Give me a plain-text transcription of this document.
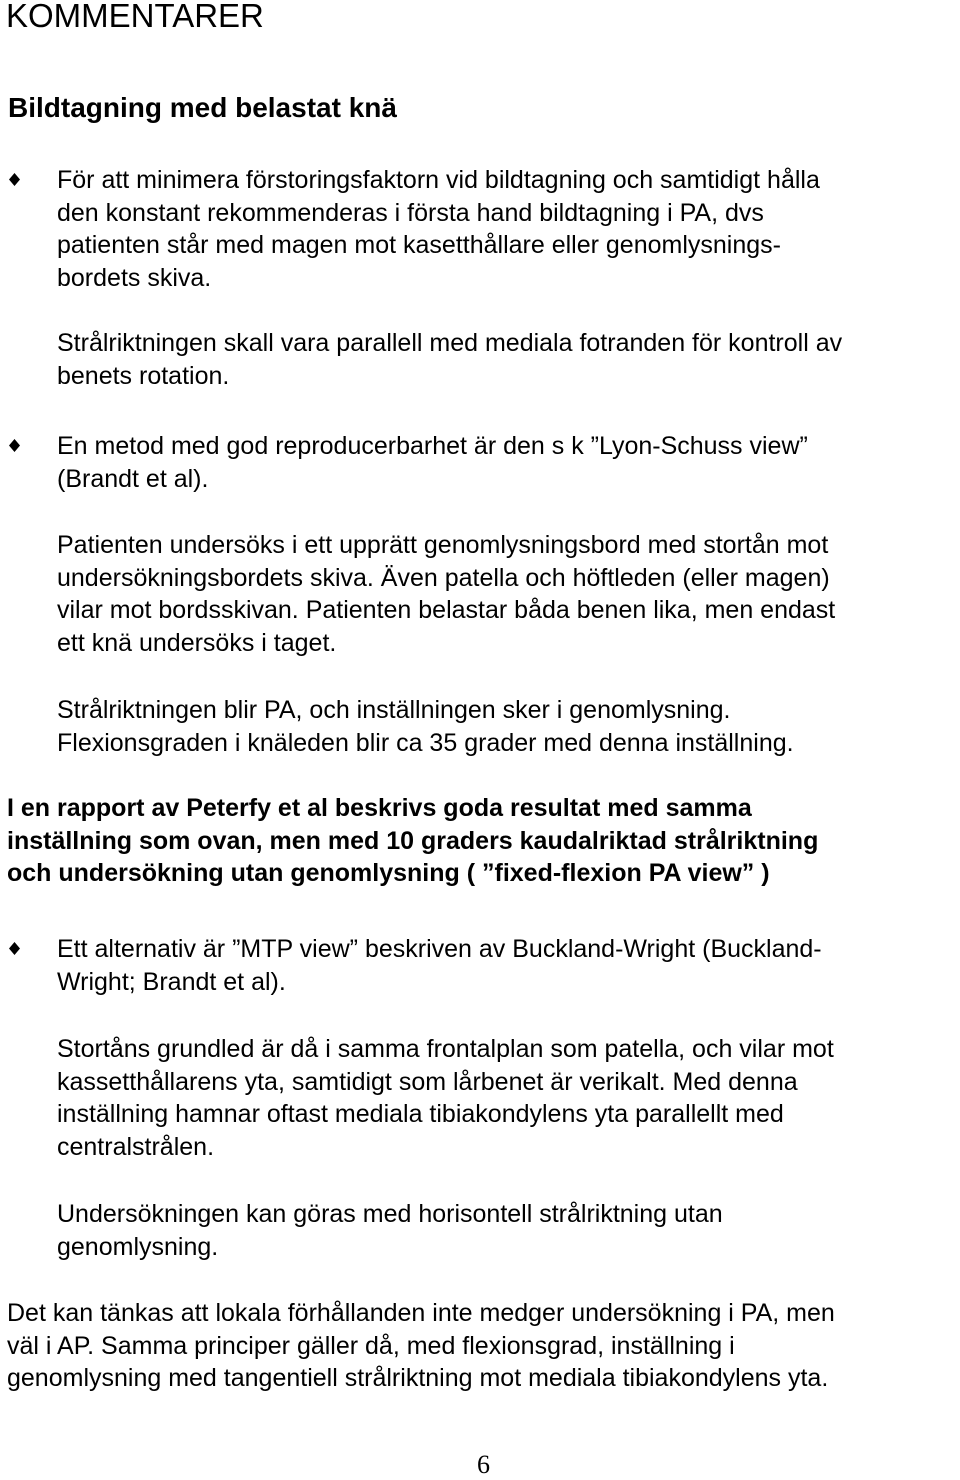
KOMMENTARER
Bildtagning med belastat knä
För att minimera förstoringsfaktorn vid bildtagning och samtidigt hålla
den konstant rekommenderas i första hand bildtagning i PA, dvs
patienten står med magen mot kasetthållare eller genomlysnings-
bordets skiva.
Strålriktningen skall vara parallell med mediala fotranden för kontroll av
benets rotation.
En metod med god reproducerbarhet är den s k ”Lyon-Schuss view”
(Brandt et al).
Patienten undersöks i ett upprätt genomlysningsbord med stortån mot
undersökningsbordets skiva. Även patella och höftleden (eller magen)
vilar mot bordsskivan. Patienten belastar båda benen lika, men endast
ett knä undersöks i taget.
Strålriktningen blir PA, och inställningen sker i genomlysning.
Flexionsgraden i knäleden blir ca 35 grader med denna inställning.
I en rapport av Peterfy et al beskrivs goda resultat med samma
inställning som ovan, men med 10 graders kaudalriktad strålriktning
och undersökning utan genomlysning ( ”fixed-flexion PA view” )
Ett alternativ är ”MTP view” beskriven av Buckland-Wright (Buckland-
Wright; Brandt et al).
Stortåns grundled är då i samma frontalplan som patella, och vilar mot
kassetthållarens yta, samtidigt som lårbenet är verikalt. Med denna
inställning hamnar oftast mediala tibiakondylens yta parallellt med
centralstrålen.
Undersökningen kan göras med horisontell strålriktning utan
genomlysning.
Det kan tänkas att lokala förhållanden inte medger undersökning i PA, men
väl i AP. Samma principer gäller då, med flexionsgrad, inställning i
genomlysning med tangentiell strålriktning mot mediala tibiakondylens yta.
6
